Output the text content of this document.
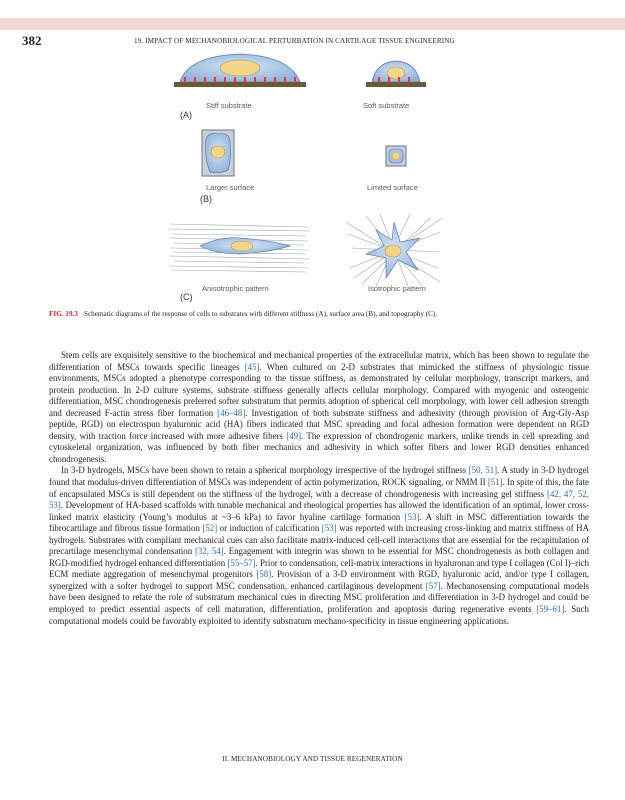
382	19. IMPACT OF MECHANOBIOLOGICAL PERTURBATION IN CARTILAGE TISSUE ENGINEERING
Stiff substrate	Soft substrate
(A)
Larger surface	Limited surface
(B)
Anisotrophic pattern	Isotrophic pattern
(C)
FIG. 19.3 Schematic diagrams of the response of cells to substrates with different stiffness (A), surface area (B), and topography (C).

Stem cells are exquisitely sensitive to the biochemical and mechanical properties of the extracellular matrix, which has been shown to regulate the differentiation of MSCs towards specific lineages [45]. When cultured on 2-D substrates that mimicked the stiffness of physiologic tissue environments, MSCs adopted a phenotype corresponding to the tissue stiffness, as demonstrated by cellular morphology, transcript markers, and protein production. In 2-D culture systems, substrate stiffness generally affects cellular morphology. Compared with myogenic and osteogenic differentiation, MSC chondrogenesis preferred softer substratum that permits adoption of spherical cell morphology, with lower cell adhesion strength and decreased F-actin stress fiber formation [46–48]. Investigation of both substrate stiffness and adhesivity (through provision of Arg-Gly-Asp peptide, RGD) on electrospun hyaluronic acid (HA) fibers indicated that MSC spreading and focal adhesion formation were dependent on RGD density, with traction force increased with more adhesive fibers [49]. The expression of chondrogenic markers, unlike trends in cell spreading and cytoskeletal organization, was influenced by both fiber mechanics and adhesivity in which softer fibers and lower RGD densities enhanced chondrogenesis.

In 3-D hydrogels, MSCs have been shown to retain a spherical morphology irrespective of the hydrogel stiffness [50, 51]. A study in 3-D hydrogel found that modulus-driven differentiation of MSCs was independent of actin polymerization, ROCK signaling, or NMM II [51]. In spite of this, the fate of encapsulated MSCs is still dependent on the stiffness of the hydrogel, with a decrease of chondrogenesis with increasing gel stiffness [42, 47, 52, 53]. Development of HA-based scaffolds with tunable mechanical and rheological properties has allowed the identification of an optimal, lower cross-linked matrix elasticity (Young’s modulus at ~3–6 kPa) to favor hyaline cartilage formation [53]. A shift in MSC differentiation towards the fibrocartilage and fibrous tissue formation [52] or induction of calcification [53] was reported with increasing cross-linking and matrix stiffness of HA hydrogels. Substrates with compliant mechanical cues can also facilitate matrix-induced cell-cell interactions that are essential for the recapitulation of precartilage mesenchymal condensation [32, 54]. Engagement with integrin was shown to be essential for MSC chondrogenesis as both collagen and RGD-modified hydrogel enhanced differentiation [55–57]. Prior to condensation, cell-matrix interactions in hyaluronan and type I collagen (Col I)–rich ECM mediate aggregation of mesenchymal progenitors [58]. Provision of a 3-D environment with RGD, hyaluronic acid, and/or type I collagen, synergized with a softer hydrogel to support MSC condensation, enhanced cartilaginous development [57]. Mechanosensing computational models have been designed to relate the role of substratum mechanical cues in directing MSC proliferation and differentiation in 3-D hydrogel and could be employed to predict essential aspects of cell maturation, differentiation, proliferation and apoptosis during regenerative events [59–61]. Such computational models could be favorably exploited to identify substratum mechano-specificity in tissue engineering applications.

II. MECHANOBIOLOGY AND TISSUE REGENERATION
